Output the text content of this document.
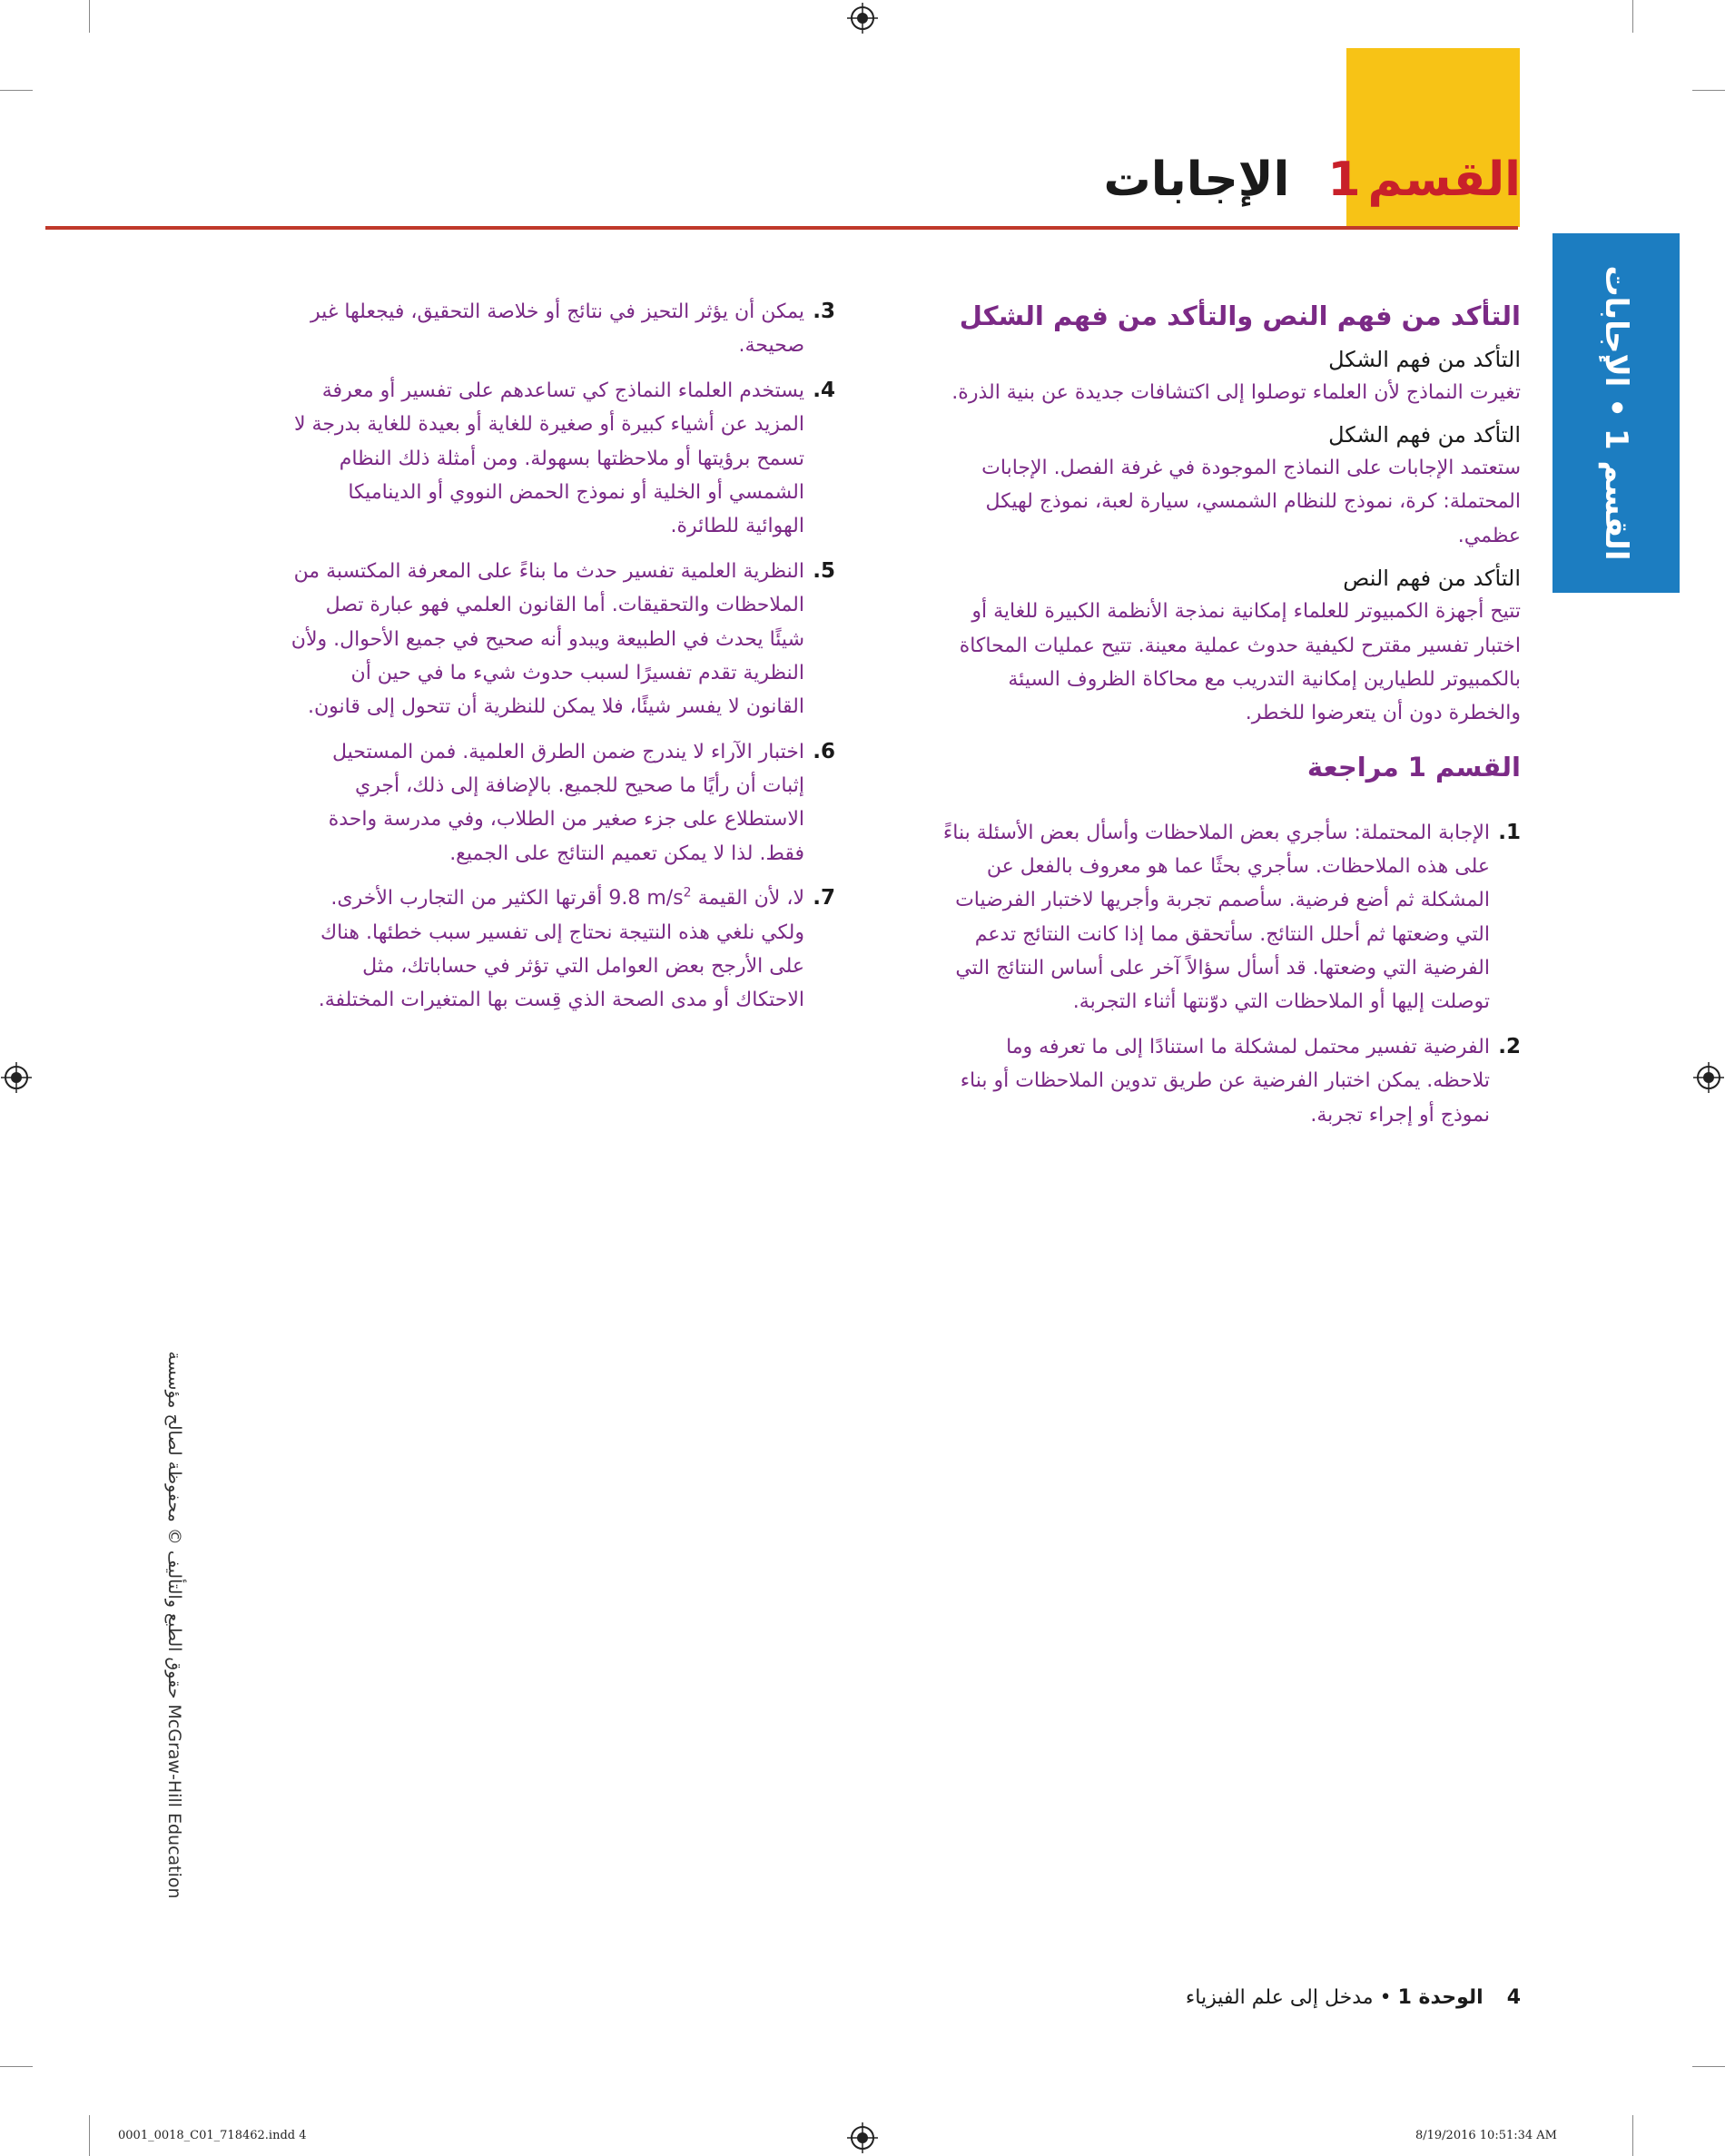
القسم1الإجابات
القسم 1 • الإجابات
التأكد من فهم النص والتأكد من فهم الشكل
التأكد من فهم الشكل
تغيرت النماذج لأن العلماء توصلوا إلى اكتشافات جديدة عن بنية الذرة.
التأكد من فهم الشكل
ستعتمد الإجابات على النماذج الموجودة في غرفة الفصل. الإجابات المحتملة: كرة، نموذج للنظام الشمسي، سيارة لعبة، نموذج لهيكل عظمي.
التأكد من فهم النص
تتيح أجهزة الكمبيوتر للعلماء إمكانية نمذجة الأنظمة الكبيرة للغاية أو اختبار تفسير مقترح لكيفية حدوث عملية معينة. تتيح عمليات المحاكاة بالكمبيوتر للطيارين إمكانية التدريب مع محاكاة الظروف السيئة والخطرة دون أن يتعرضوا للخطر.
القسم 1 مراجعة
1.
الإجابة المحتملة: سأجري بعض الملاحظات وأسأل بعض الأسئلة بناءً على هذه الملاحظات. سأجري بحثًا عما هو معروف بالفعل عن المشكلة ثم أضع فرضية. سأصمم تجربة وأجريها لاختبار الفرضيات التي وضعتها ثم أحلل النتائج. سأتحقق مما إذا كانت النتائج تدعم الفرضية التي وضعتها. قد أسأل سؤالاً آخر على أساس النتائج التي توصلت إليها أو الملاحظات التي دوّنتها أثناء التجربة.
2.
الفرضية تفسير محتمل لمشكلة ما استنادًا إلى ما تعرفه وما تلاحظه. يمكن اختبار الفرضية عن طريق تدوين الملاحظات أو بناء نموذج أو إجراء تجربة.
3.
يمكن أن يؤثر التحيز في نتائج أو خلاصة التحقيق، فيجعلها غير صحيحة.
4.
يستخدم العلماء النماذج كي تساعدهم على تفسير أو معرفة المزيد عن أشياء كبيرة أو صغيرة للغاية أو بعيدة للغاية بدرجة لا تسمح برؤيتها أو ملاحظتها بسهولة. ومن أمثلة ذلك النظام الشمسي أو الخلية أو نموذج الحمض النووي أو الديناميكا الهوائية للطائرة.
5.
النظرية العلمية تفسير حدث ما بناءً على المعرفة المكتسبة من الملاحظات والتحقيقات. أما القانون العلمي فهو عبارة تصل شيئًا يحدث في الطبيعة ويبدو أنه صحيح في جميع الأحوال. ولأن النظرية تقدم تفسيرًا لسبب حدوث شيء ما في حين أن القانون لا يفسر شيئًا، فلا يمكن للنظرية أن تتحول إلى قانون.
6.
اختبار الآراء لا يندرج ضمن الطرق العلمية. فمن المستحيل إثبات أن رأيًا ما صحيح للجميع. بالإضافة إلى ذلك، أجري الاستطلاع على جزء صغير من الطلاب، وفي مدرسة واحدة فقط. لذا لا يمكن تعميم النتائج على الجميع.
7.
لا، لأن القيمة 9.8 $m/s^2$ أقرتها الكثير من التجارب الأخرى. ولكي نلغي هذه النتيجة نحتاج إلى تفسير سبب خطئها. هناك على الأرجح بعض العوامل التي تؤثر في حساباتك، مثل الاحتكاك أو مدى الصحة الذي قِست بها المتغيرات المختلفة.
حقوق الطبع والتأليف © محفوظة لصالح مؤسسة McGraw-Hill Education
4الوحدة 1 • مدخل إلى علم الفيزياء
0001_0018_C01_718462.indd 4	8/19/2016 10:51:34 AM
